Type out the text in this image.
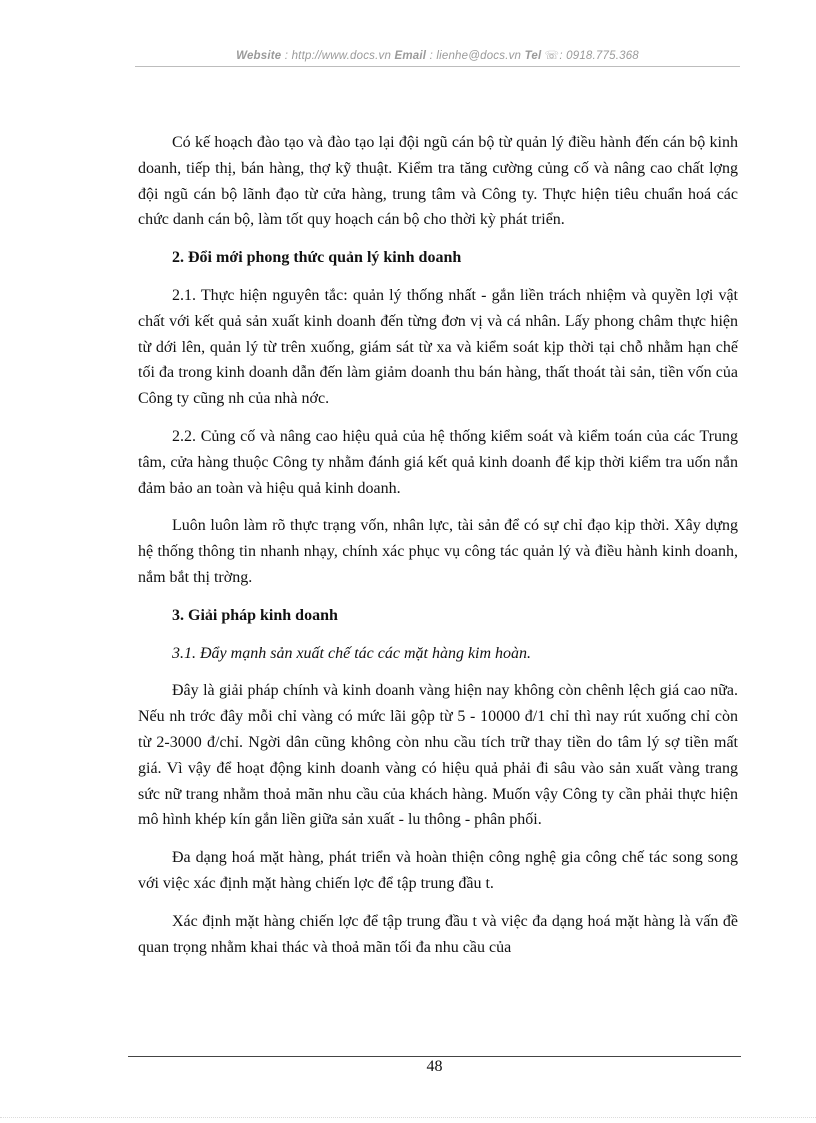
Website : http://www.docs.vn Email : lienhe@docs.vn Tel ☏: 0918.775.368

Có kế hoạch đào tạo và đào tạo lại đội ngũ cán bộ từ quản lý điều hành đến cán bộ kinh doanh, tiếp thị, bán hàng, thợ kỹ thuật. Kiểm tra tăng cường củng cố và nâng cao chất lợng đội ngũ cán bộ lãnh đạo từ cửa hàng, trung tâm và Công ty. Thực hiện tiêu chuẩn hoá các chức danh cán bộ, làm tốt quy hoạch cán bộ cho thời kỳ phát triển.

2. Đổi mới phong thức quản lý kinh doanh

2.1. Thực hiện nguyên tắc: quản lý thống nhất - gắn liền trách nhiệm và quyền lợi vật chất với kết quả sản xuất kinh doanh đến từng đơn vị và cá nhân. Lấy phong châm thực hiện từ dới lên, quản lý từ trên xuống, giám sát từ xa và kiểm soát kịp thời tại chỗ nhằm hạn chế tối đa trong kinh doanh dẫn đến làm giảm doanh thu bán hàng, thất thoát tài sản, tiền vốn của Công ty cũng nh của nhà nớc.

2.2. Củng cố và nâng cao hiệu quả của hệ thống kiểm soát và kiểm toán của các Trung tâm, cửa hàng thuộc Công ty nhằm đánh giá kết quả kinh doanh để kịp thời kiểm tra uốn nắn đảm bảo an toàn và hiệu quả kinh doanh.

Luôn luôn làm rõ thực trạng vốn, nhân lực, tài sản để có sự chỉ đạo kịp thời. Xây dựng hệ thống thông tin nhanh nhạy, chính xác phục vụ công tác quản lý và điều hành kinh doanh, nắm bắt thị trờng.

3. Giải pháp kinh doanh

3.1. Đẩy mạnh sản xuất chế tác các mặt hàng kim hoàn.

Đây là giải pháp chính và kinh doanh vàng hiện nay không còn chênh lệch giá cao nữa. Nếu nh trớc đây mỗi chỉ vàng có mức lãi gộp từ 5 - 10000 đ/1 chỉ thì nay rút xuống chỉ còn từ 2-3000 đ/chỉ. Ngời dân cũng không còn nhu cầu tích trữ thay tiền do tâm lý sợ tiền mất giá. Vì vậy để hoạt động kinh doanh vàng có hiệu quả phải đi sâu vào sản xuất vàng trang sức nữ trang nhằm thoả mãn nhu cầu của khách hàng. Muốn vậy Công ty cần phải thực hiện mô hình khép kín gắn liền giữa sản xuất - lu thông - phân phối.

Đa dạng hoá mặt hàng, phát triển và hoàn thiện công nghệ gia công chế tác song song với việc xác định mặt hàng chiến lợc để tập trung đầu t.

Xác định mặt hàng chiến lợc để tập trung đầu t và việc đa dạng hoá mặt hàng là vấn đề quan trọng nhằm khai thác và thoả mãn tối đa nhu cầu của

48
